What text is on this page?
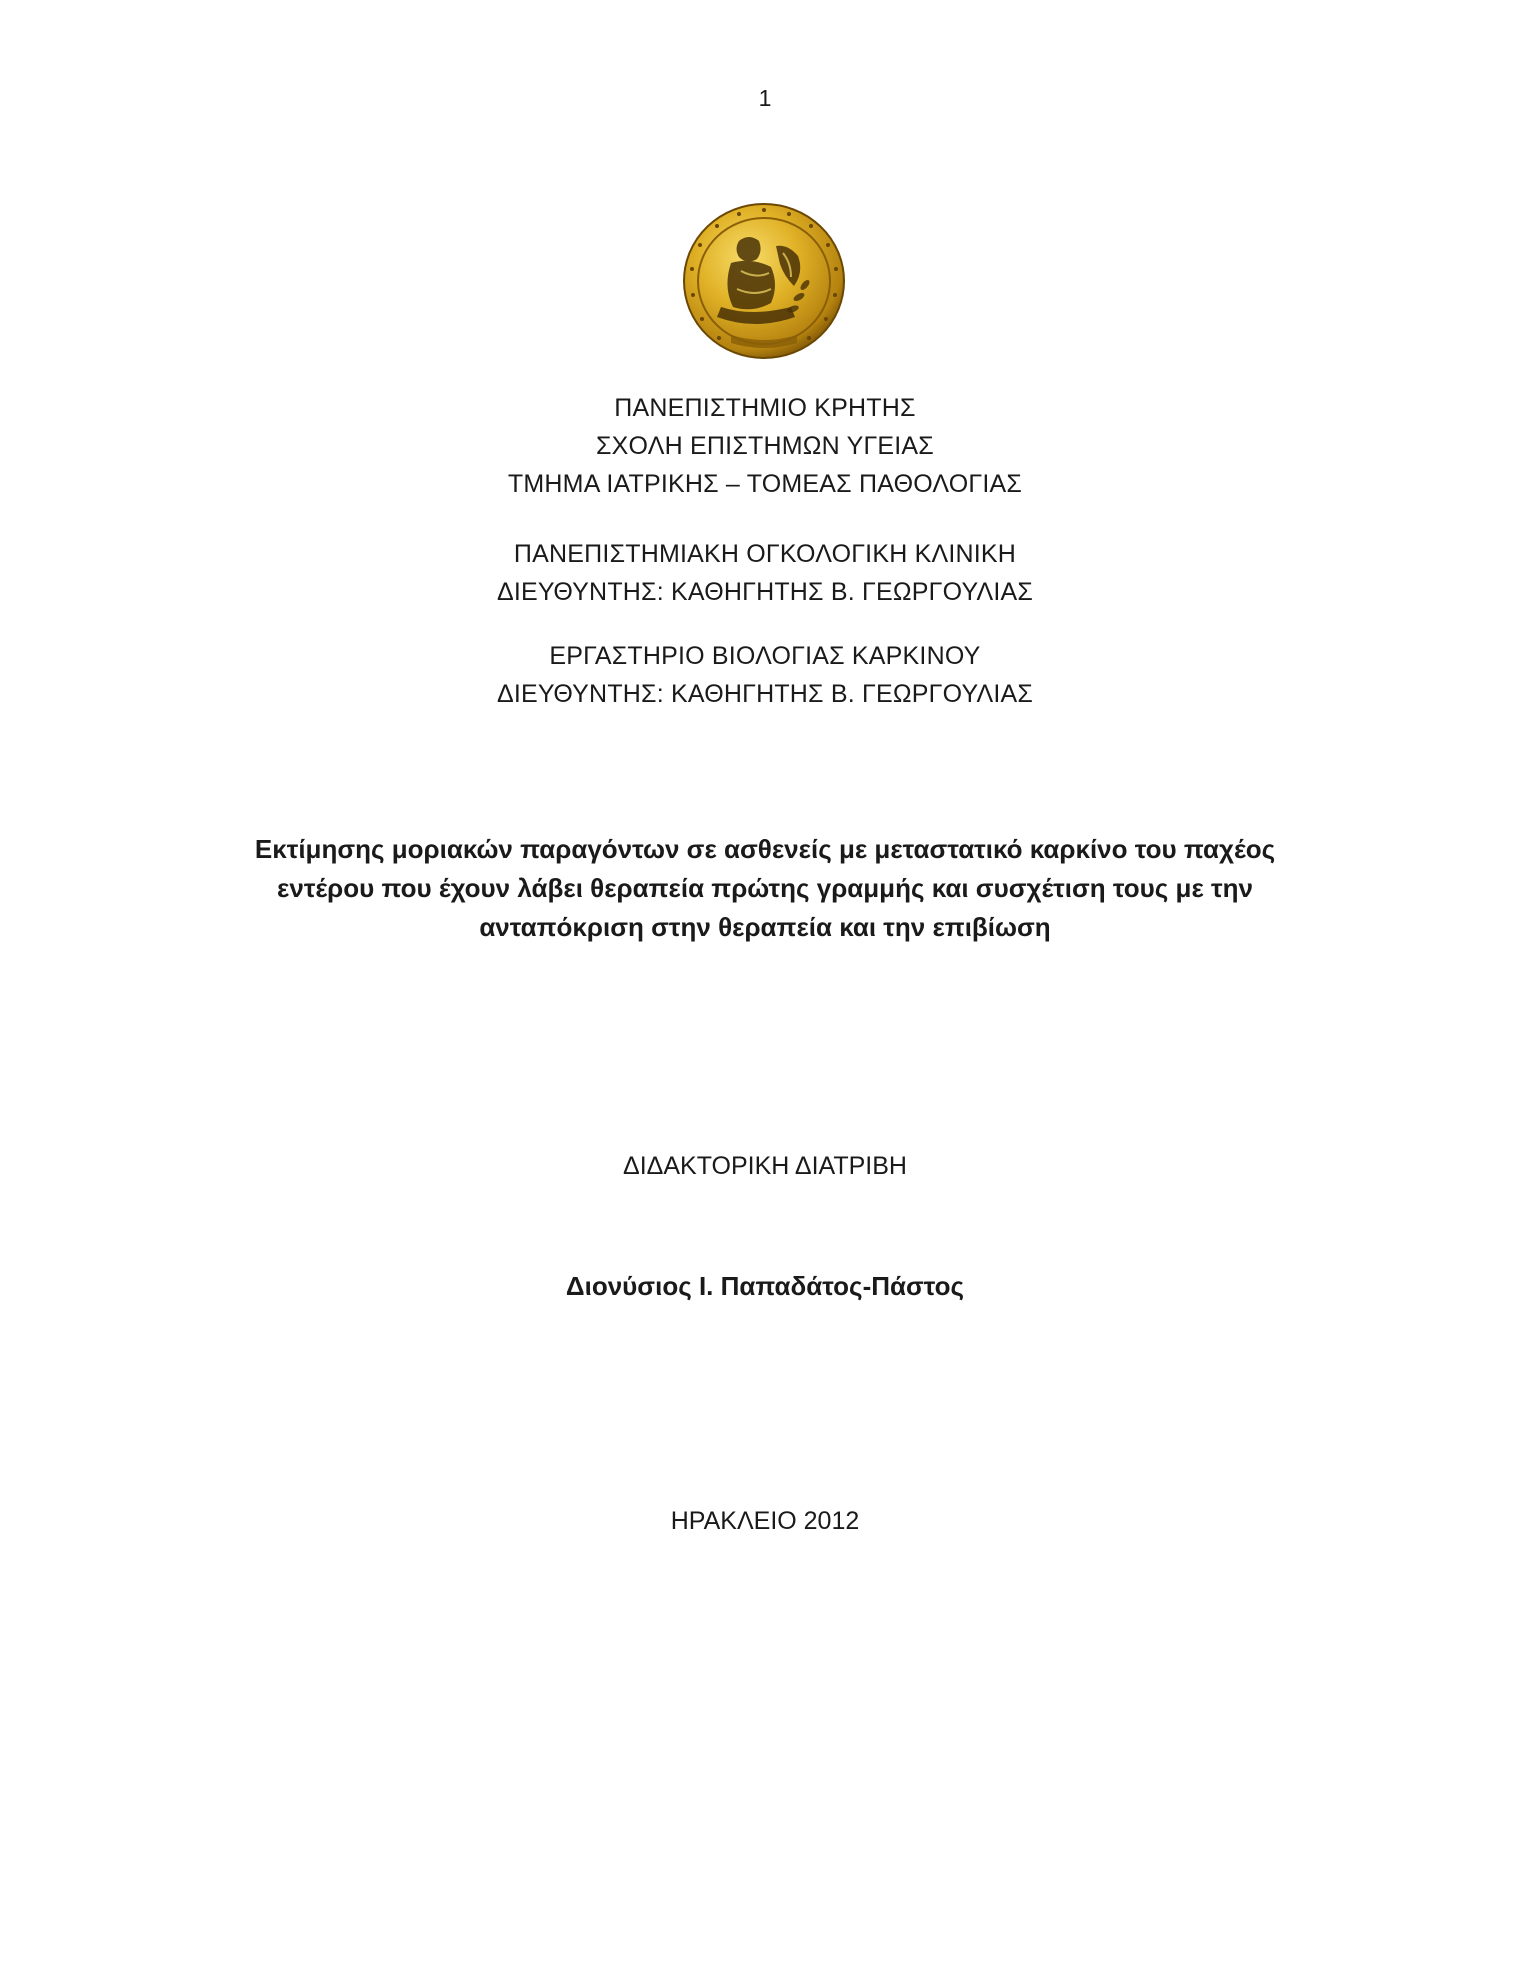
1
ΠΑΝΕΠΙΣΤΗΜΙΟ ΚΡΗΤΗΣ
ΣΧΟΛΗ ΕΠΙΣΤΗΜΩΝ ΥΓΕΙΑΣ
ΤΜΗΜΑ ΙΑΤΡΙΚΗΣ – ΤΟΜΕΑΣ ΠΑΘΟΛΟΓΙΑΣ
ΠΑΝΕΠΙΣΤΗΜΙΑΚΗ ΟΓΚΟΛΟΓΙΚΗ ΚΛΙΝΙΚΗ
ΔΙΕΥΘΥΝΤΗΣ: ΚΑΘΗΓΗΤΗΣ Β. ΓΕΩΡΓΟΥΛΙΑΣ
ΕΡΓΑΣΤΗΡΙΟ ΒΙΟΛΟΓΙΑΣ ΚΑΡΚΙΝΟΥ
ΔΙΕΥΘΥΝΤΗΣ: ΚΑΘΗΓΗΤΗΣ Β. ΓΕΩΡΓΟΥΛΙΑΣ
Εκτίμησης μοριακών παραγόντων σε ασθενείς με μεταστατικό καρκίνο του παχέος
εντέρου που έχουν λάβει θεραπεία πρώτης γραμμής και συσχέτιση τους με την
ανταπόκριση στην θεραπεία και την επιβίωση
ΔΙΔΑΚΤΟΡΙΚΗ ΔΙΑΤΡΙΒΗ
Διονύσιος Ι. Παπαδάτος-Πάστος
ΗΡΑΚΛΕΙΟ 2012
